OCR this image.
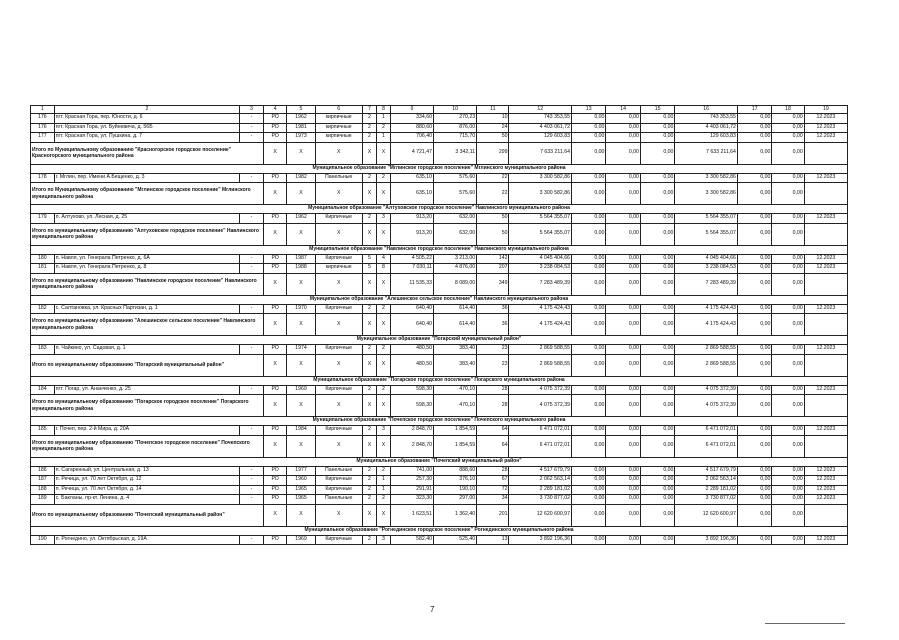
1	2	3	4	5	6	7	8	9	10	11	12	13	14	15	16	17	18	19
176	пгт. Красная Гора, пер. Юности, д. 6	-	РО	1962	кирпичные	2	1	334,60	270,23	10	743 353,55	0,00	0,00	0,00	743 353,55	0,00	0,00	12.2023
176	пгт. Красная Гора, ул. Буйневича, д. 56Б	-	РО	1981	кирпичные	2	2	880,60	876,00	24	4 403 061,72	0,00	0,00	0,00	4 403 061,72	0,00	0,00	12.2023
177	пгт. Красная Гора, ул. Пушкина, д. 7	-	РО	1973	кирпичные	2	1	706,40	715,70	50	129 603,83	0,00	0,00	0,00	129 603,83	0,00	0,00	12.2023
Итого по Муниципальному образованию "Красногорское городское поселение" Красногорского муниципального района			X	X	X	X	X	4 721,47	3 342,11	299	7 633 211,64	0,00	0,00	0,00	7 633 211,64	0,00	0,00	
Муниципальное образование "Мглинское городское поселение" Мглинского муниципального района																		
178	г. Мглин, пер. Имени А.Бещенко, д. 3	-	РО	1982	Панельные	2	2	635,10	575,60	22	3 300 582,86	0,00	0,00	0,00	3 300 582,86	0,00	0,00	12.2023
Итого по Муниципальному образованию "Мглинское городское поселение" Мглинского муниципального района			X	X	X	X	X	635,10	575,60	22	3 300 582,86	0,00	0,00	0,00	3 300 582,86	0,00	0,00	
Муниципальное образование "Алтуховское городское поселение" Навлинского муниципального района																		
179	п. Алтухово, ул. Лесная, д. 25	-	РО	1962	Кирпичные	2	3	913,20	632,00	50	5 564 355,07	0,00	0,00	0,00	5 564 355,07	0,00	0,00	12.2023
Итого по муниципальному образованию "Алтуховское городское поселение" Навлинского муниципального района			X	X	X	X	X	913,20	632,00	50	5 564 355,07	0,00	0,00	0,00	5 564 355,07	0,00	0,00	
Муниципальное образование "Навлинское городское поселение" Навлинского муниципального района																		
180	п. Навля, ул. Генерала Петренко, д. 6А	-	РО	1987	Кирпичные	5	4	4 505,22	3 213,00	142	4 045 404,66	0,00	0,00	0,00	4 045 404,66	0,00	0,00	12.2023
181	п. Навля, ул. Генерала Петренко, д. 8	-	РО	1988	кирпичные	5	8	7 030,11	4 876,00	207	3 238 084,53	0,00	0,00	0,00	3 238 084,53	0,00	0,00	12.2023
Итого по муниципальному образованию "Навлинское городское поселение" Навлинского муниципального района			X	X	X	X	X	11 535,33	8 089,00	349	7 283 489,39	0,00	0,00	0,00	7 283 489,39	0,00	0,00	
Муниципальное образование "Алешинское сельское поселение" Навлинского муниципального района																		
182	с. Салтановка, ул. Красных Партизан, д. 1	-	РО	1970	Кирпичные	2	2	640,40	614,40	36	4 175 424,43	0,00	0,00	0,00	4 175 424,43	0,00	0,00	12.2023
Итого по муниципальному образованию "Алешинское сельское поселение" Навлинского муниципального района			X	X	X	X	X	640,40	614,40	36	4 175 424,43	0,00	0,00	0,00	4 175 424,43	0,00	0,00	
Муниципальное образование "Погарский муниципальный район"																		
183	п. Чайкино, ул. Садовая, д. 1	-	РО	1974	Кирпичные	2	2	480,50	383,40	23	2 869 588,55	0,00	0,00	0,00	2 869 588,55	0,00	0,00	12.2023
Итого по муниципальному образованию "Погарский муниципальный район"			X	X	X	X	X	480,50	383,40	23	2 869 588,55	0,00	0,00	0,00	2 869 588,55	0,00	0,00	
Муниципальное образование "Погарское городское поселение" Погарского муниципального района																		
184	пгт. Погар, ул. Ананченко, д. 25	-	РО	1969	Кирпичные	2	2	598,30	470,10	28	4 075 372,39	0,00	0,00	0,00	4 075 372,39	0,00	0,00	12.2023
Итого по муниципальному образованию "Погарское городское поселение" Погарского муниципального района			X	X	X	X	X	598,30	470,10	28	4 075 372,39	0,00	0,00	0,00	4 075 372,39	0,00	0,00	
Муниципальное образование "Почепское городское поселение" Почепского муниципального района																		
185	г. Почеп, пер. 2-й Мира, д. 20А	-	РО	1984	Кирпичные	2	3	2 848,70	1 854,59	64	6 471 072,01	0,00	0,00	0,00	6 471 072,01	0,00	0,00	12.2023
Итого по муниципальному образованию "Почепское городское поселение" Почепского муниципального района			X	X	X	X	X	2 848,70	1 854,59	64	6 471 072,01	0,00	0,00	0,00	6 471 072,01	0,00	0,00	
Муниципальное образование "Почепский муниципальный район"																		
186	п. Сагаренный, ул. Центральная, д. 13	-	РО	1977	Панельные	2	2	741,00	888,60	28	4 517 679,79	0,00	0,00	0,00	4 517 679,79	0,00	0,00	12.2023
187	п. Речица, ул. 70 лет Октября, д. 12	-	РО	1960	Кирпичные	2	1	257,30	376,10	67	2 062 563,14	0,00	0,00	0,00	2 062 563,14	0,00	0,00	12.2023
188	п. Речица, ул. 70 лет Октября, д. 14	-	РО	1965	Кирпичные	2	1	291,91	190,10	72	2 289 181,02	0,00	0,00	0,00	2 289 181,02	0,00	0,00	12.2023
189	с. Бакланы, пр-кт. Ленина, д. 4	-	РО	1965	Панельные	2	2	323,30	297,00	34	3 730 877,02	0,00	0,00	0,00	3 730 877,02	0,00	0,00	12.2023
Итого по муниципальному образованию "Почепский муниципальный район"			X	X	X	X	X	1 623,51	1 362,40	201	12 620 600,97	0,00	0,00	0,00	12 620 600,97	0,00	0,00	
Муниципальное образование "Рогнединское городское поселение" Рогнединского муниципального района																		
190	п. Рогнедино, ул. Октябрьская, д. 19А	-	РО	1969	Кирпичные	2	3	582,40	525,40	13	3 892 196,36	0,00	0,00	0,00	3 892 196,36	0,00	0,00	12.2023
7
